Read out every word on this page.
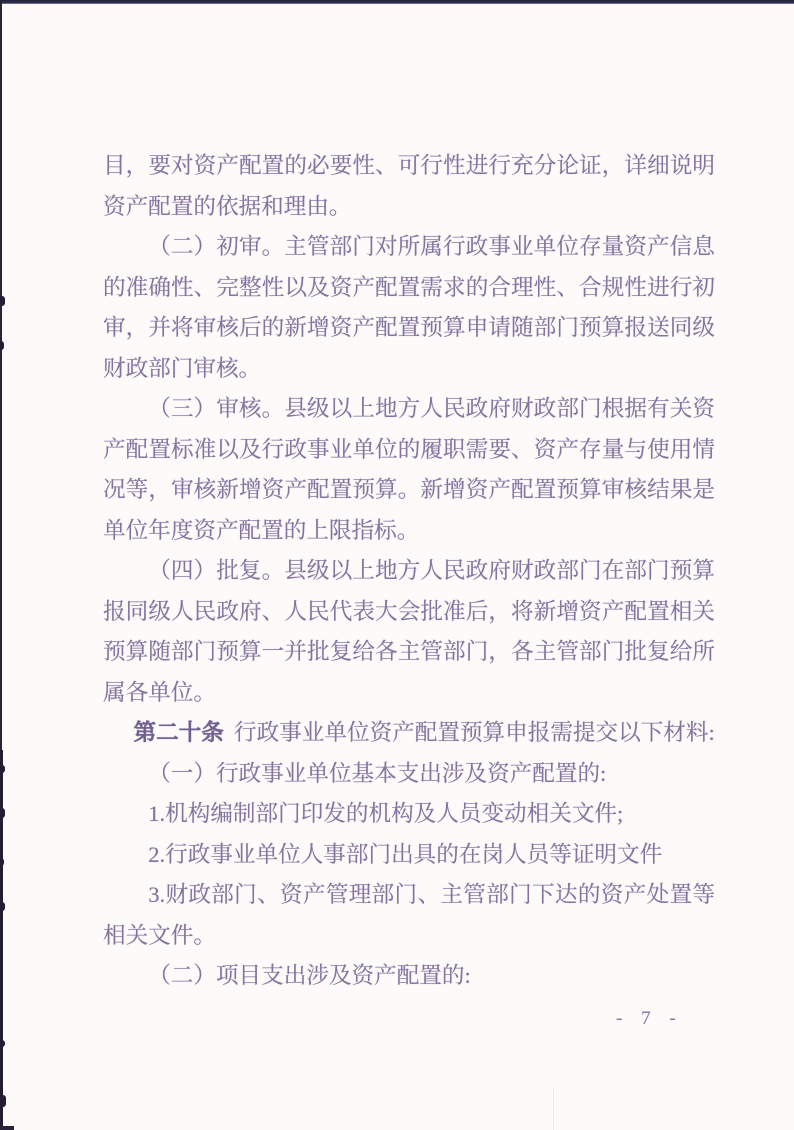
目，要对资产配置的必要性、可行性进行充分论证，详细说明资产配置的依据和理由。

（二）初审。主管部门对所属行政事业单位存量资产信息的准确性、完整性以及资产配置需求的合理性、合规性进行初审，并将审核后的新增资产配置预算申请随部门预算报送同级财政部门审核。

（三）审核。县级以上地方人民政府财政部门根据有关资产配置标准以及行政事业单位的履职需要、资产存量与使用情况等，审核新增资产配置预算。新增资产配置预算审核结果是单位年度资产配置的上限指标。

（四）批复。县级以上地方人民政府财政部门在部门预算报同级人民政府、人民代表大会批准后，将新增资产配置相关预算随部门预算一并批复给各主管部门，各主管部门批复给所属各单位。

第二十条 行政事业单位资产配置预算申报需提交以下材料:

（一）行政事业单位基本支出涉及资产配置的:

1.机构编制部门印发的机构及人员变动相关文件;

2.行政事业单位人事部门出具的在岗人员等证明文件

3.财政部门、资产管理部门、主管部门下达的资产处置等相关文件。

（二）项目支出涉及资产配置的:

- 7 -
